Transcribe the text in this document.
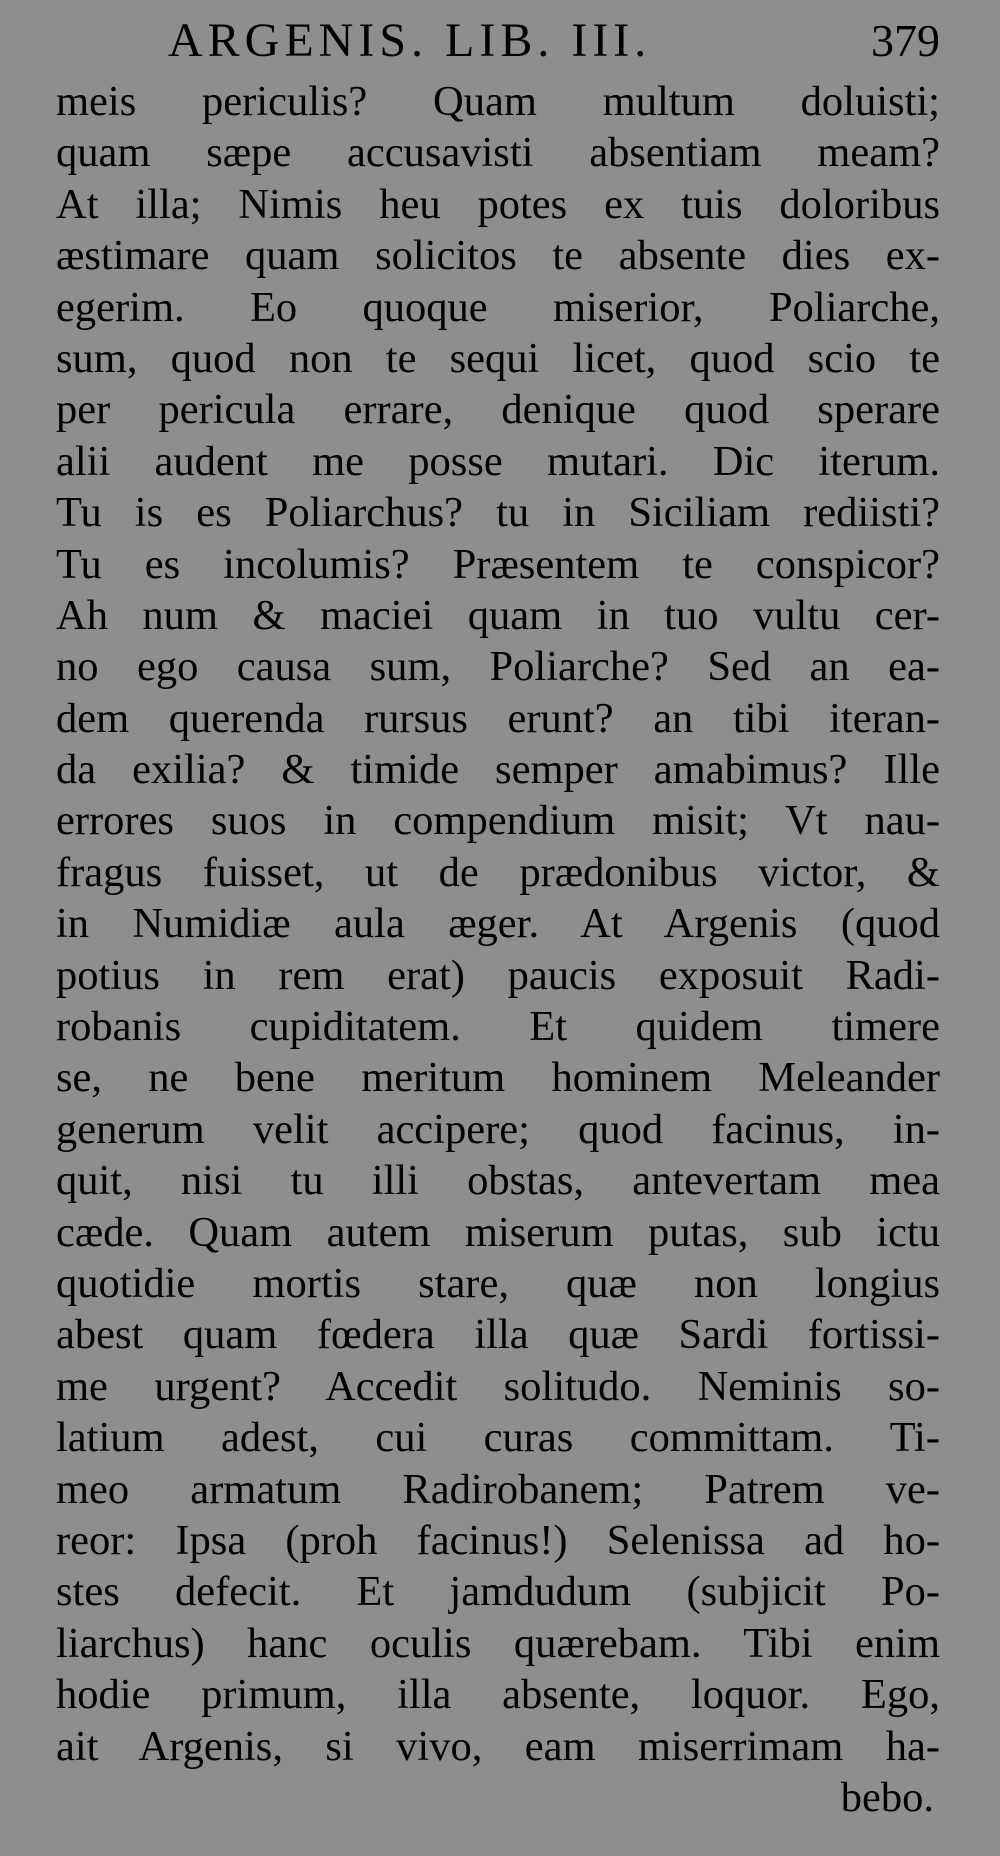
ARGENIS. LIB. III.	379
meis periculis? Quam multum doluisti;
quam sæpe accusavisti absentiam meam?
At illa; Nimis heu potes ex tuis doloribus
æstimare quam solicitos te absente dies ex-
egerim. Eo quoque miserior, Poliarche,
sum, quod non te sequi licet, quod scio te
per pericula errare, denique quod sperare
alii audent me posse mutari. Dic iterum.
Tu is es Poliarchus? tu in Siciliam rediisti?
Tu es incolumis? Præsentem te conspicor?
Ah num & maciei quam in tuo vultu cer-
no ego causa sum, Poliarche? Sed an ea-
dem querenda rursus erunt? an tibi iteran-
da exilia? & timide semper amabimus? Ille
errores suos in compendium misit; Vt nau-
fragus fuisset, ut de prædonibus victor, &
in Numidiæ aula æger. At Argenis (quod
potius in rem erat) paucis exposuit Radi-
robanis cupiditatem. Et quidem timere
se, ne bene meritum hominem Meleander
generum velit accipere; quod facinus, in-
quit, nisi tu illi obstas, antevertam mea
cæde. Quam autem miserum putas, sub ictu
quotidie mortis stare, quæ non longius
abest quam fœdera illa quæ Sardi fortissi-
me urgent? Accedit solitudo. Neminis so-
latium adest, cui curas committam. Ti-
meo armatum Radirobanem; Patrem ve-
reor: Ipsa (proh facinus!) Selenissa ad ho-
stes defecit. Et jamdudum (subjicit Po-
liarchus) hanc oculis quærebam. Tibi enim
hodie primum, illa absente, loquor. Ego,
ait Argenis, si vivo, eam miserrimam ha-
bebo.
